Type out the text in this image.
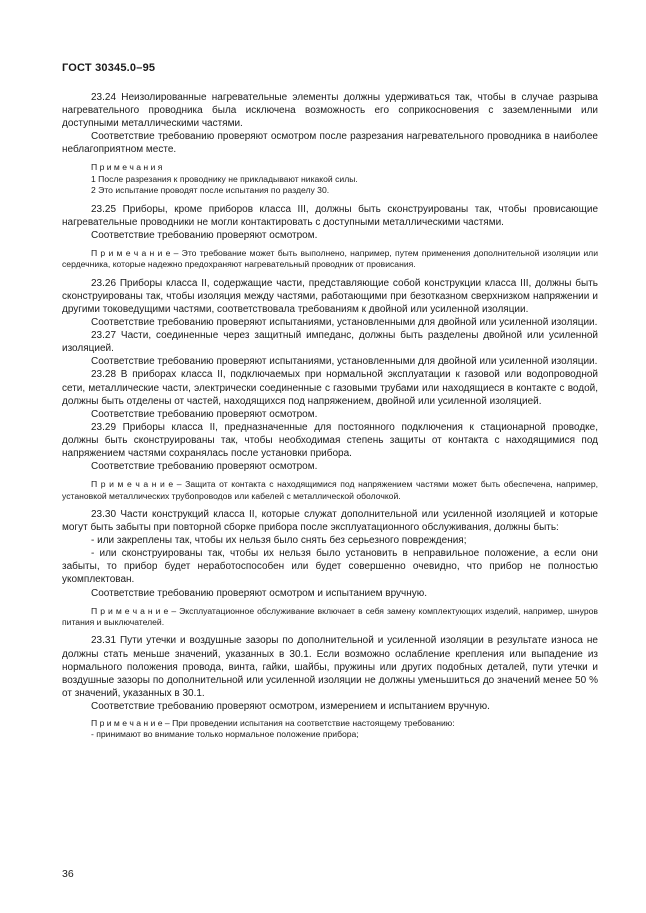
ГОСТ 30345.0–95

23.24 Неизолированные нагревательные элементы должны удерживаться так, чтобы в случае разрыва нагревательного проводника была исключена возможность его соприкосновения с заземленными или доступными металлическими частями.

Соответствие требованию проверяют осмотром после разрезания нагревательного проводника в наиболее неблагоприятном месте.

П р и м е ч а н и я

1 После разрезания к проводнику не прикладывают никакой силы.

2 Это испытание проводят после испытания по разделу 30.

23.25 Приборы, кроме приборов класса III, должны быть сконструированы так, чтобы провисающие нагревательные проводники не могли контактировать с доступными металлическими частями.

Соответствие требованию проверяют осмотром.

П р и м е ч а н и е – Это требование может быть выполнено, например, путем применения дополнительной изоляции или сердечника, которые надежно предохраняют нагревательный проводник от провисания.

23.26 Приборы класса II, содержащие части, представляющие собой конструкции класса III, должны быть сконструированы так, чтобы изоляция между частями, работающими при безотказном сверхнизком напряжении и другими токоведущими частями, соответствовала требованиям к двойной или усиленной изоляции.

Соответствие требованию проверяют испытаниями, установленными для двойной или усиленной изоляции.

23.27 Части, соединенные через защитный импеданс, должны быть разделены двойной или усиленной изоляцией.

Соответствие требованию проверяют испытаниями, установленными для двойной или усиленной изоляции.

23.28 В приборах класса II, подключаемых при нормальной эксплуатации к газовой или водопроводной сети, металлические части, электрически соединенные с газовыми трубами или находящиеся в контакте с водой, должны быть отделены от частей, находящихся под напряжением, двойной или усиленной изоляцией.

Соответствие требованию проверяют осмотром.

23.29 Приборы класса II, предназначенные для постоянного подключения к стационарной проводке, должны быть сконструированы так, чтобы необходимая степень защиты от контакта с находящимися под напряжением частями сохранялась после установки прибора.

Соответствие требованию проверяют осмотром.

П р и м е ч а н и е – Защита от контакта с находящимися под напряжением частями может быть обеспечена, например, установкой металлических трубопроводов или кабелей с металлической оболочкой.

23.30 Части конструкций класса II, которые служат дополнительной или усиленной изоляцией и которые могут быть забыты при повторной сборке прибора после эксплуатационного обслуживания, должны быть:

- или закреплены так, чтобы их нельзя было снять без серьезного повреждения;

- или сконструированы так, чтобы их нельзя было установить в неправильное положение, а если они забыты, то прибор будет неработоспособен или будет совершенно очевидно, что прибор не полностью укомплектован.

Соответствие требованию проверяют осмотром и испытанием вручную.

П р и м е ч а н и е – Эксплуатационное обслуживание включает в себя замену комплектующих изделий, например, шнуров питания и выключателей.

23.31 Пути утечки и воздушные зазоры по дополнительной и усиленной изоляции в результате износа не должны стать меньше значений, указанных в 30.1. Если возможно ослабление крепления или выпадение из нормального положения провода, винта, гайки, шайбы, пружины или других подобных деталей, пути утечки и воздушные зазоры по дополнительной или усиленной изоляции не должны уменьшиться до значений менее 50 % от значений, указанных в 30.1.

Соответствие требованию проверяют осмотром, измерением и испытанием вручную.

П р и м е ч а н и е – При проведении испытания на соответствие настоящему требованию:

- принимают во внимание только нормальное положение прибора;

36
